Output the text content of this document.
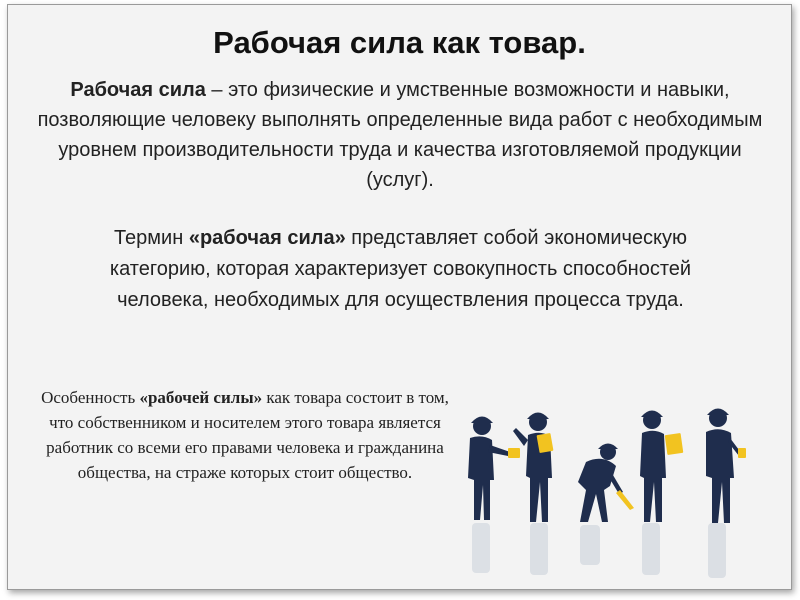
Рабочая сила как товар.

Рабочая сила – это физические и умственные возможности и навыки, позволяющие человеку выполнять определенные вида работ с необходимым уровнем производительности труда и качества изготовляемой продукции (услуг).

Термин «рабочая сила» представляет собой экономическую категорию, которая характеризует совокупность способностей человека, необходимых для осуществления процесса труда.

Особенность «рабочей силы» как товара состоит в том, что собственником и носителем этого товара является работник со всеми его правами человека и гражданина общества, на страже которых стоит общество.
